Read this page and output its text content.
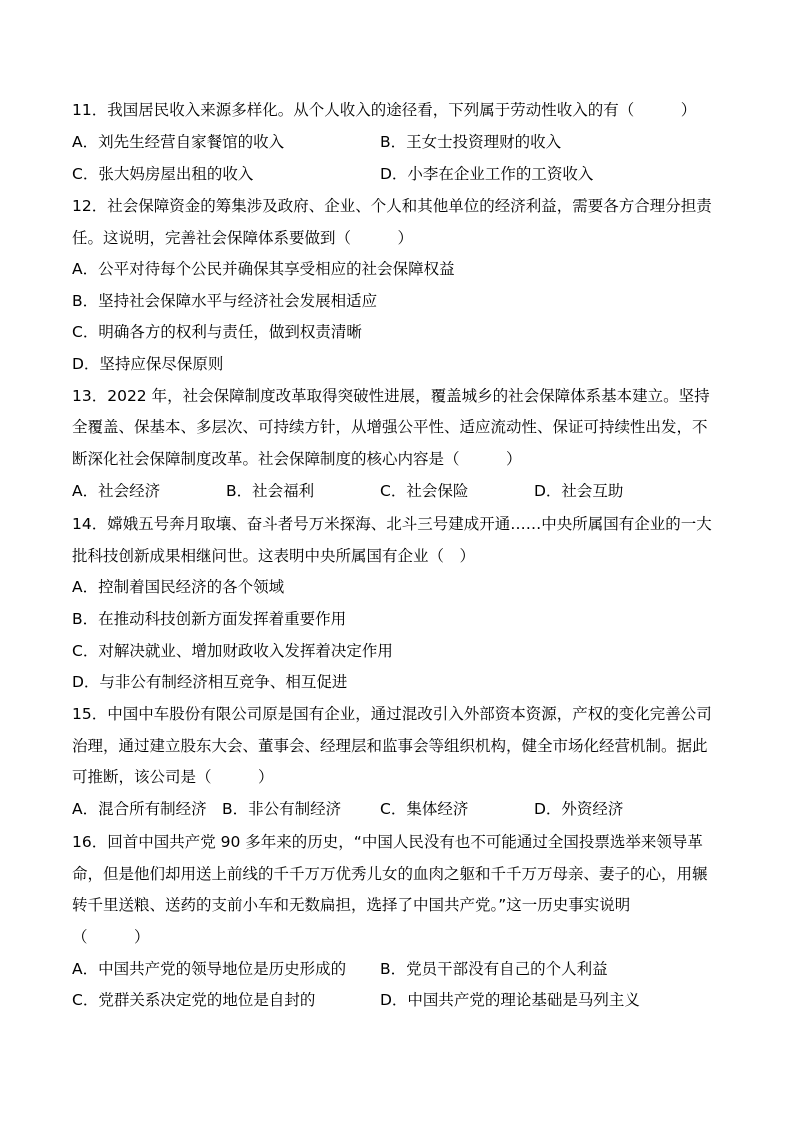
11．我国居民收入来源多样化。从个人收入的途径看，下列属于劳动性收入的有（　　　）
A．刘先生经营自家餐馆的收入	B．王女士投资理财的收入
C．张大妈房屋出租的收入	D．小李在企业工作的工资收入
12．社会保障资金的筹集涉及政府、企业、个人和其他单位的经济利益，需要各方合理分担责
任。这说明，完善社会保障体系要做到（　　　）
A．公平对待每个公民并确保其享受相应的社会保障权益
B．坚持社会保障水平与经济社会发展相适应
C．明确各方的权利与责任，做到权责清晰
D．坚持应保尽保原则
13．2022 年，社会保障制度改革取得突破性进展，覆盖城乡的社会保障体系基本建立。坚持
全覆盖、保基本、多层次、可持续方针，从增强公平性、适应流动性、保证可持续性出发，不
断深化社会保障制度改革。社会保障制度的核心内容是（　　　）
A．社会经济	B．社会福利	C．社会保险	D．社会互助
14．嫦娥五号奔月取壤、奋斗者号万米探海、北斗三号建成开通……中央所属国有企业的一大
批科技创新成果相继问世。这表明中央所属国有企业（　）
A．控制着国民经济的各个领域
B．在推动科技创新方面发挥着重要作用
C．对解决就业、增加财政收入发挥着决定作用
D．与非公有制经济相互竞争、相互促进
15．中国中车股份有限公司原是国有企业，通过混改引入外部资本资源，产权的变化完善公司
治理，通过建立股东大会、董事会、经理层和监事会等组织机构，健全市场化经营机制。据此
可推断，该公司是（　　　）
A．混合所有制经济 B．非公有制经济	C．集体经济	D．外资经济
16．回首中国共产党 90 多年来的历史，“中国人民没有也不可能通过全国投票选举来领导革
命，但是他们却用送上前线的千千万万优秀儿女的血肉之躯和千千万万母亲、妻子的心，用辗
转千里送粮、送药的支前小车和无数扁担，选择了中国共产党。”这一历史事实说明
（　　　）
A．中国共产党的领导地位是历史形成的 B．党员干部没有自己的个人利益
C．党群关系决定党的地位是自封的	D．中国共产党的理论基础是马列主义
